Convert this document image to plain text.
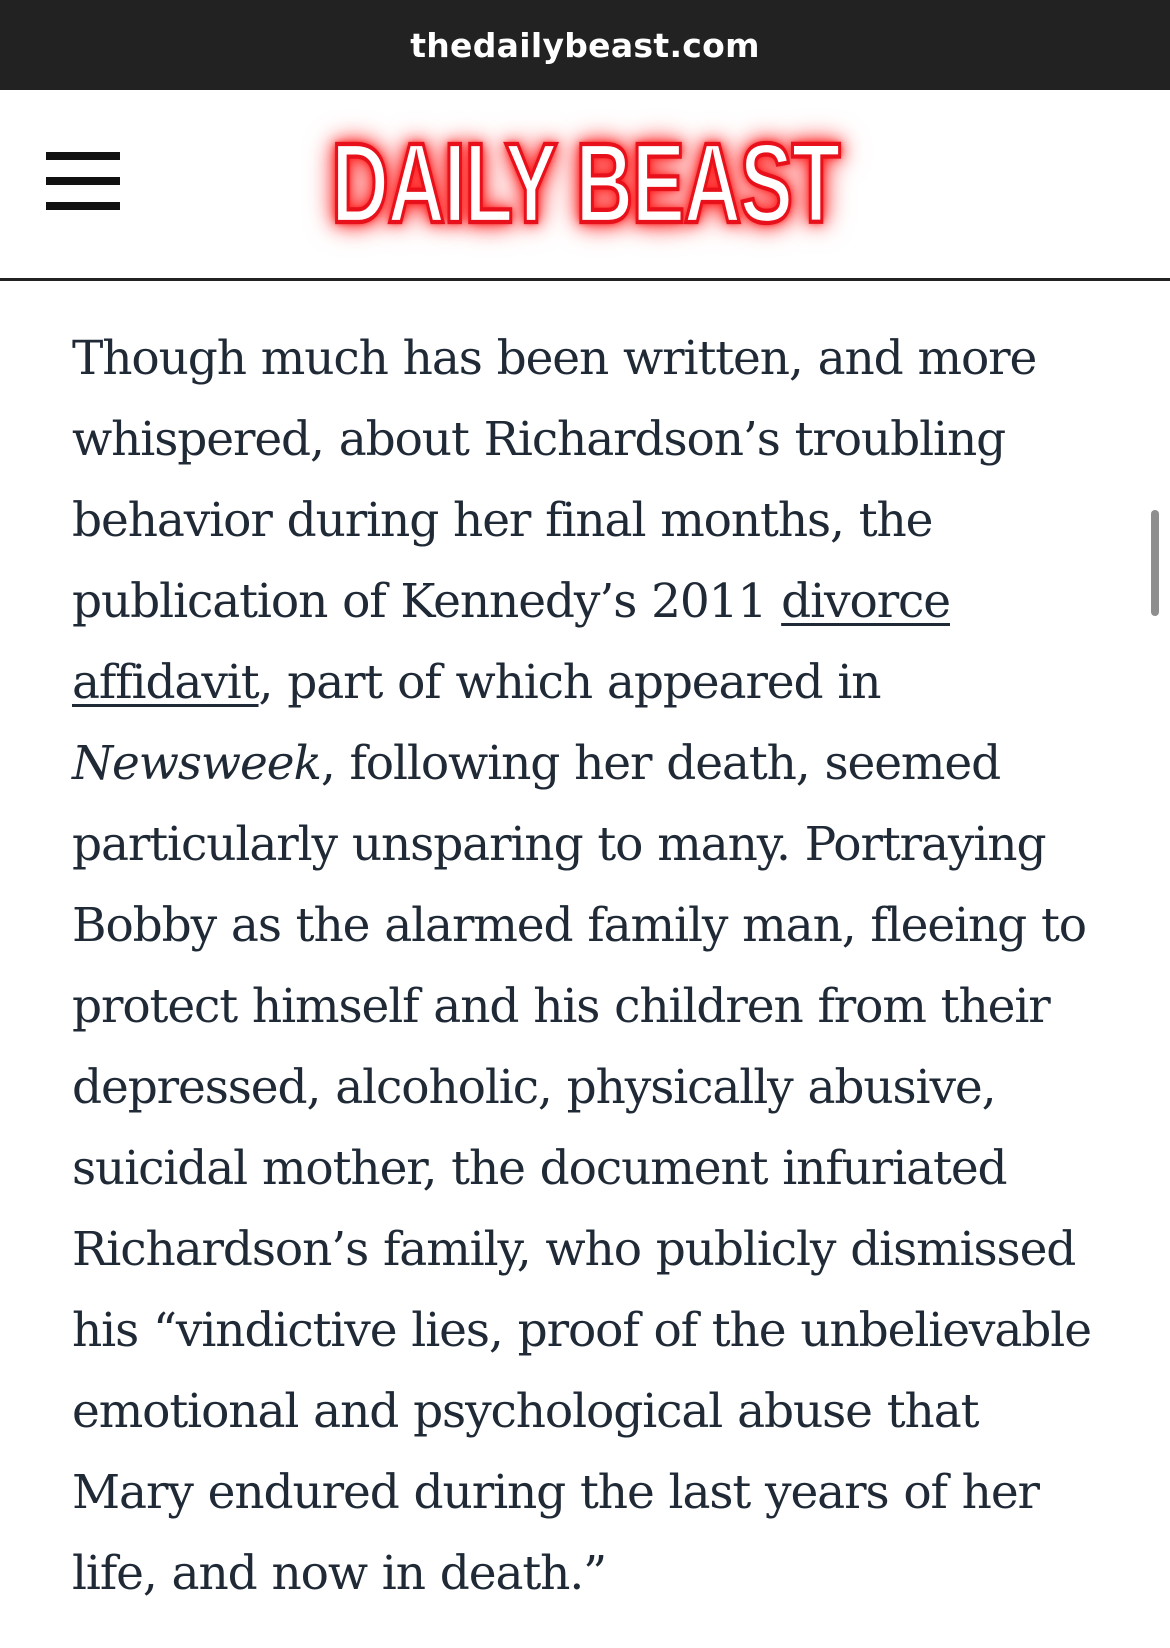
thedailybeast.com
DAILY BEAST

Though much has been written, and more whispered, about Richardson’s troubling behavior during her final months, the publication of Kennedy’s 2011 divorce affidavit, part of which appeared in Newsweek, following her death, seemed particularly unsparing to many. Portraying Bobby as the alarmed family man, fleeing to protect himself and his children from their depressed, alcoholic, physically abusive, suicidal mother, the document infuriated Richardson’s family, who publicly dismissed his “vindictive lies, proof of the unbelievable emotional and psychological abuse that Mary endured during the last years of her life, and now in death.”
